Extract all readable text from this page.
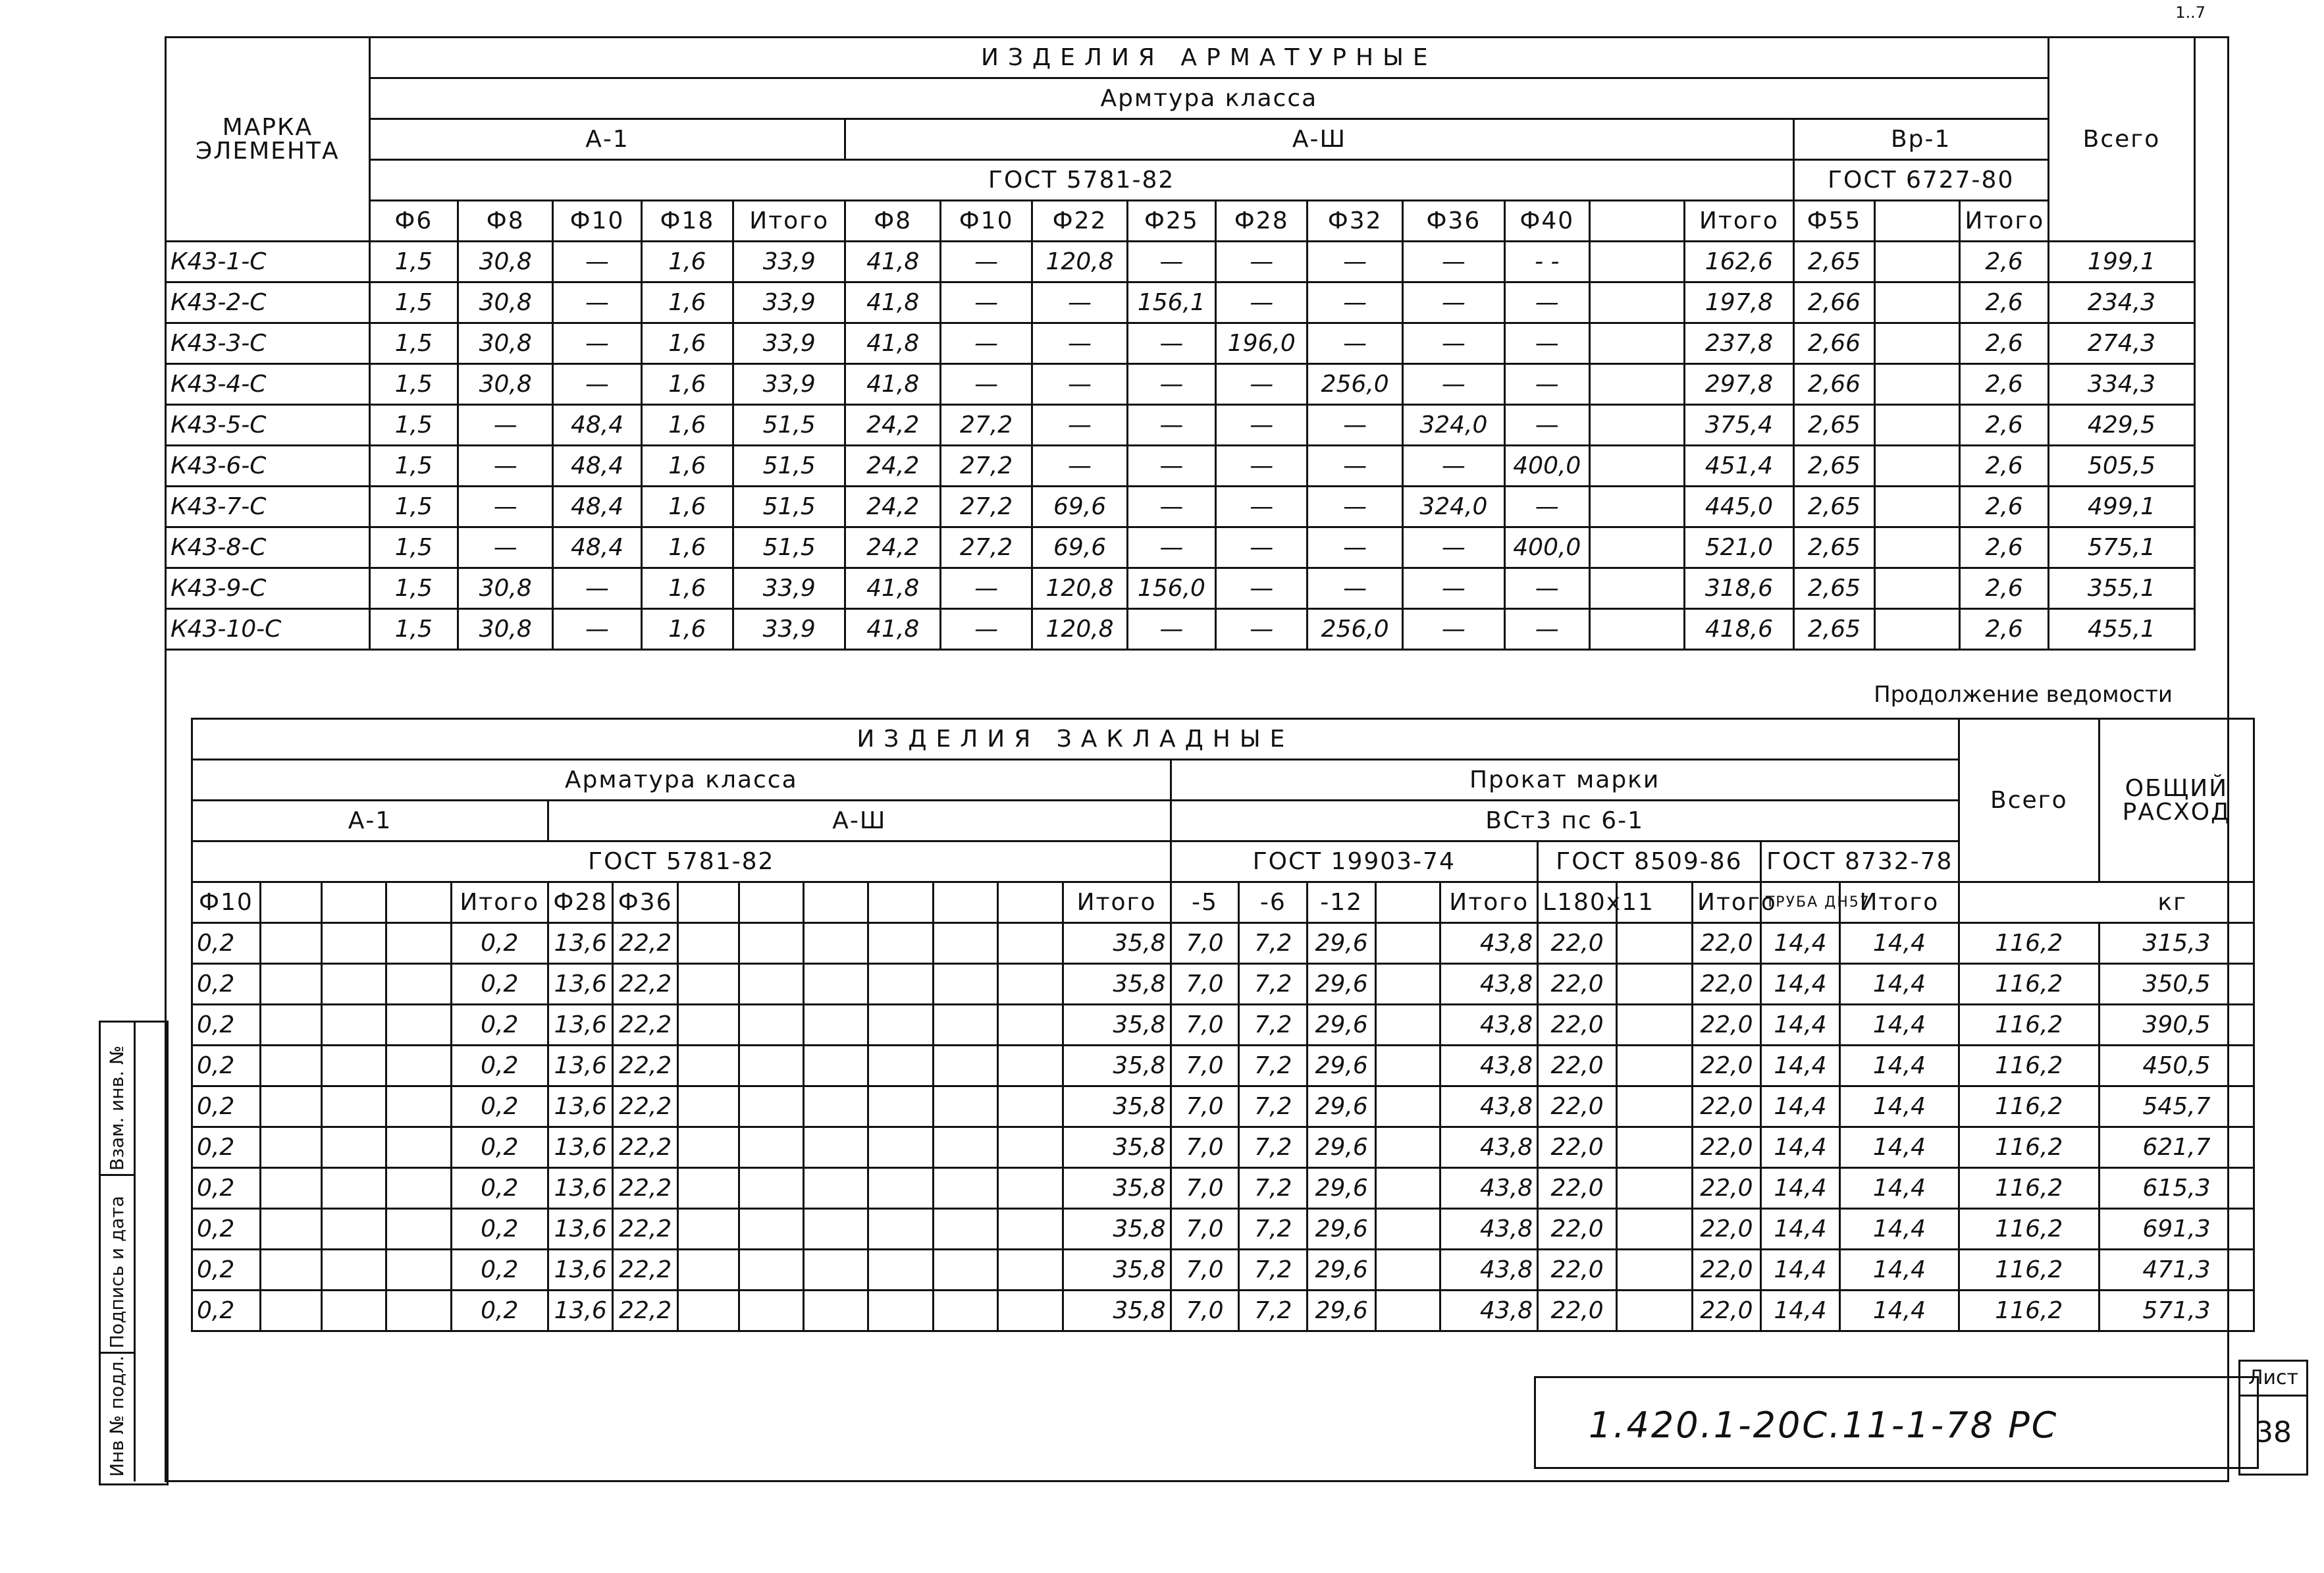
1..7
МАРКА ЭЛЕМЕНТА	ИЗДЕЛИЯ АРМАТУРНЫЕ																		Всего
	Армтура класса																		
	А-1					А-Ш										Вр-1			
	ГОСТ 5781-82															ГОСТ 6727-80			
	Ф6	Ф8	Ф10	Ф18	Итого	Ф8	Ф10	Ф22	Ф25	Ф28	Ф32	Ф36	Ф40		Итого	Ф55		Итого	
К43-1-С	1,5	30,8	—	1,6	33,9	41,8	—	120,8	—	—	—	—	- -		162,6	2,65		2,6	199,1
К43-2-С	1,5	30,8	—	1,6	33,9	41,8	—	—	156,1	—	—	—	—		197,8	2,66		2,6	234,3
К43-3-С	1,5	30,8	—	1,6	33,9	41,8	—	—	—	196,0	—	—	—		237,8	2,66		2,6	274,3
К43-4-С	1,5	30,8	—	1,6	33,9	41,8	—	—	—	—	256,0	—	—		297,8	2,66		2,6	334,3
К43-5-С	1,5	—	48,4	1,6	51,5	24,2	27,2	—	—	—	—	324,0	—		375,4	2,65		2,6	429,5
К43-6-С	1,5	—	48,4	1,6	51,5	24,2	27,2	—	—	—	—	—	400,0		451,4	2,65		2,6	505,5
К43-7-С	1,5	—	48,4	1,6	51,5	24,2	27,2	69,6	—	—	—	324,0	—		445,0	2,65		2,6	499,1
К43-8-С	1,5	—	48,4	1,6	51,5	24,2	27,2	69,6	—	—	—	—	400,0		521,0	2,65		2,6	575,1
К43-9-С	1,5	30,8	—	1,6	33,9	41,8	—	120,8	156,0	—	—	—	—		318,6	2,65		2,6	355,1
К43-10-С	1,5	30,8	—	1,6	33,9	41,8	—	120,8	—	—	256,0	—	—		418,6	2,65		2,6	455,1
Продолжение ведомости
ИЗДЕЛИЯ ЗАКЛАДНЫЕ																								Всего	ОБЩИЙ РАСХОД
Арматура класса														Прокат марки											
А-1					А-Ш									ВСт3 пс 6-1											
ГОСТ 5781-82														ГОСТ 19903-74					ГОСТ 8509-86			ГОСТ 8732-78			
Ф10				Итого	Ф28	Ф36							Итого	-5	-6	-12		Итого	L180x11		Итого	ТРУБА ДН57	Итого	кг	
0,2				0,2	13,6	22,2							35,8	7,0	7,2	29,6		43,8	22,0		22,0	14,4	14,4	116,2	315,3
0,2				0,2	13,6	22,2							35,8	7,0	7,2	29,6		43,8	22,0		22,0	14,4	14,4	116,2	350,5
0,2				0,2	13,6	22,2							35,8	7,0	7,2	29,6		43,8	22,0		22,0	14,4	14,4	116,2	390,5
0,2				0,2	13,6	22,2							35,8	7,0	7,2	29,6		43,8	22,0		22,0	14,4	14,4	116,2	450,5
0,2				0,2	13,6	22,2							35,8	7,0	7,2	29,6		43,8	22,0		22,0	14,4	14,4	116,2	545,7
0,2				0,2	13,6	22,2							35,8	7,0	7,2	29,6		43,8	22,0		22,0	14,4	14,4	116,2	621,7
0,2				0,2	13,6	22,2							35,8	7,0	7,2	29,6		43,8	22,0		22,0	14,4	14,4	116,2	615,3
0,2				0,2	13,6	22,2							35,8	7,0	7,2	29,6		43,8	22,0		22,0	14,4	14,4	116,2	691,3
0,2				0,2	13,6	22,2							35,8	7,0	7,2	29,6		43,8	22,0		22,0	14,4	14,4	116,2	471,3
0,2				0,2	13,6	22,2							35,8	7,0	7,2	29,6		43,8	22,0		22,0	14,4	14,4	116,2	571,3
Взам. инв. №
Подпись и дата
Инв № подл.	1.420.1-20С.11-1-78 РС
Лист
38
